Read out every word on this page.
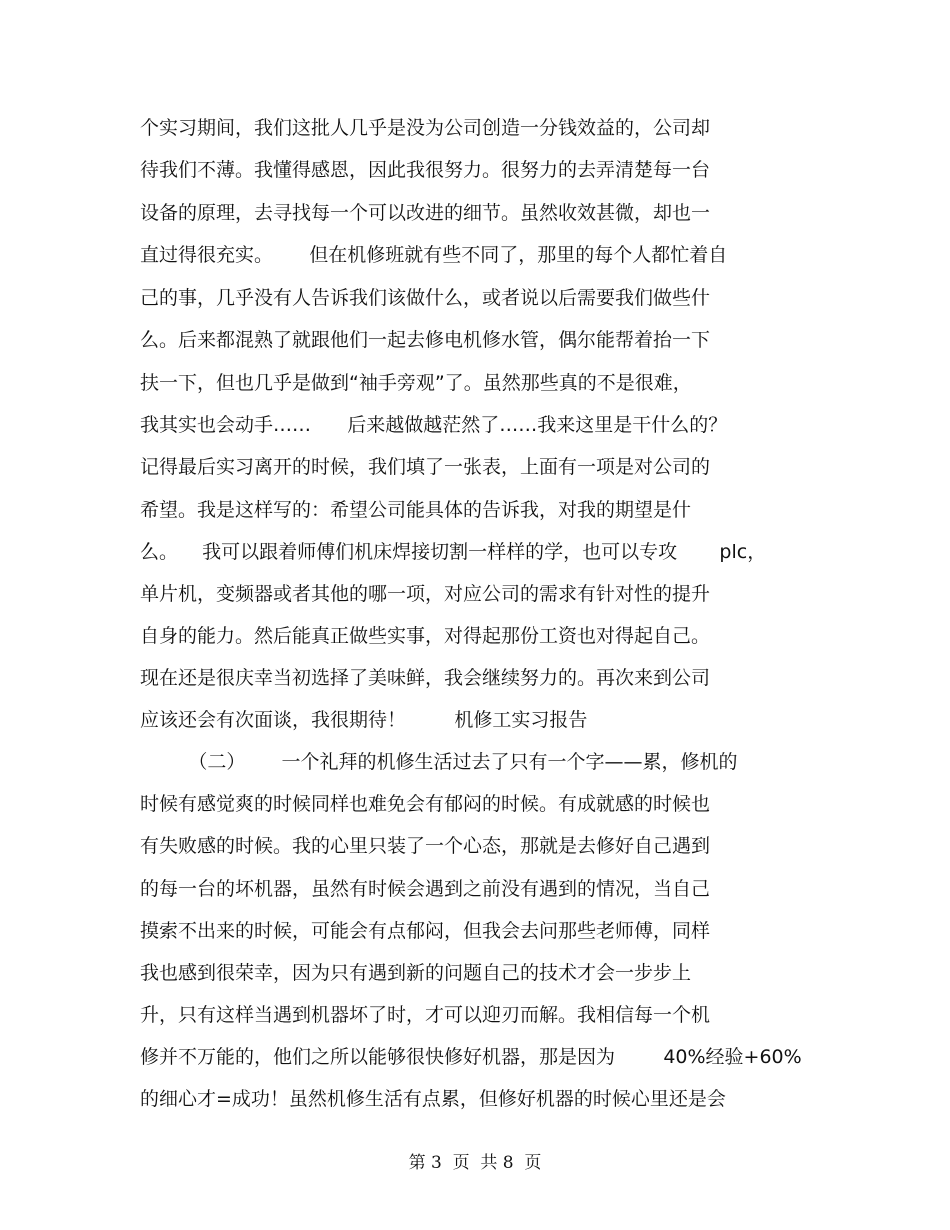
个实习期间，我们这批人几乎是没为公司创造一分钱效益的，公司却
待我们不薄。我懂得感恩，因此我很努力。很努力的去弄清楚每一台
设备的原理，去寻找每一个可以改进的细节。虽然收效甚微，却也一
直过得很充实。      但在机修班就有些不同了，那里的每个人都忙着自
己的事，几乎没有人告诉我们该做什么，或者说以后需要我们做些什
么。后来都混熟了就跟他们一起去修电机修水管，偶尔能帮着抬一下
扶一下，但也几乎是做到“袖手旁观”了。虽然那些真的不是很难，
我其实也会动手……      后来越做越茫然了……我来这里是干什么的？
记得最后实习离开的时候，我们填了一张表，上面有一项是对公司的
希望。我是这样写的：希望公司能具体的告诉我，对我的期望是什
么。    我可以跟着师傅们机床焊接切割一样样的学，也可以专攻       plc，
单片机，变频器或者其他的哪一项，对应公司的需求有针对性的提升
自身的能力。然后能真正做些实事，对得起那份工资也对得起自己。
现在还是很庆幸当初选择了美味鲜，我会继续努力的。再次来到公司
应该还会有次面谈，我很期待！        机修工实习报告
（二）      一个礼拜的机修生活过去了只有一个字——累，修机的
时候有感觉爽的时候同样也难免会有郁闷的时候。有成就感的时候也
有失败感的时候。我的心里只装了一个心态，那就是去修好自己遇到
的每一台的坏机器，虽然有时候会遇到之前没有遇到的情况，当自己
摸索不出来的时候，可能会有点郁闷，但我会去问那些老师傅，同样
我也感到很荣幸，因为只有遇到新的问题自己的技术才会一步步上
升，只有这样当遇到机器坏了时，才可以迎刃而解。我相信每一个机
修并不万能的，他们之所以能够很快修好机器，那是因为        40%经验+60%
的细心才=成功！虽然机修生活有点累，但修好机器的时候心里还是会
第 3  页  共 8  页
